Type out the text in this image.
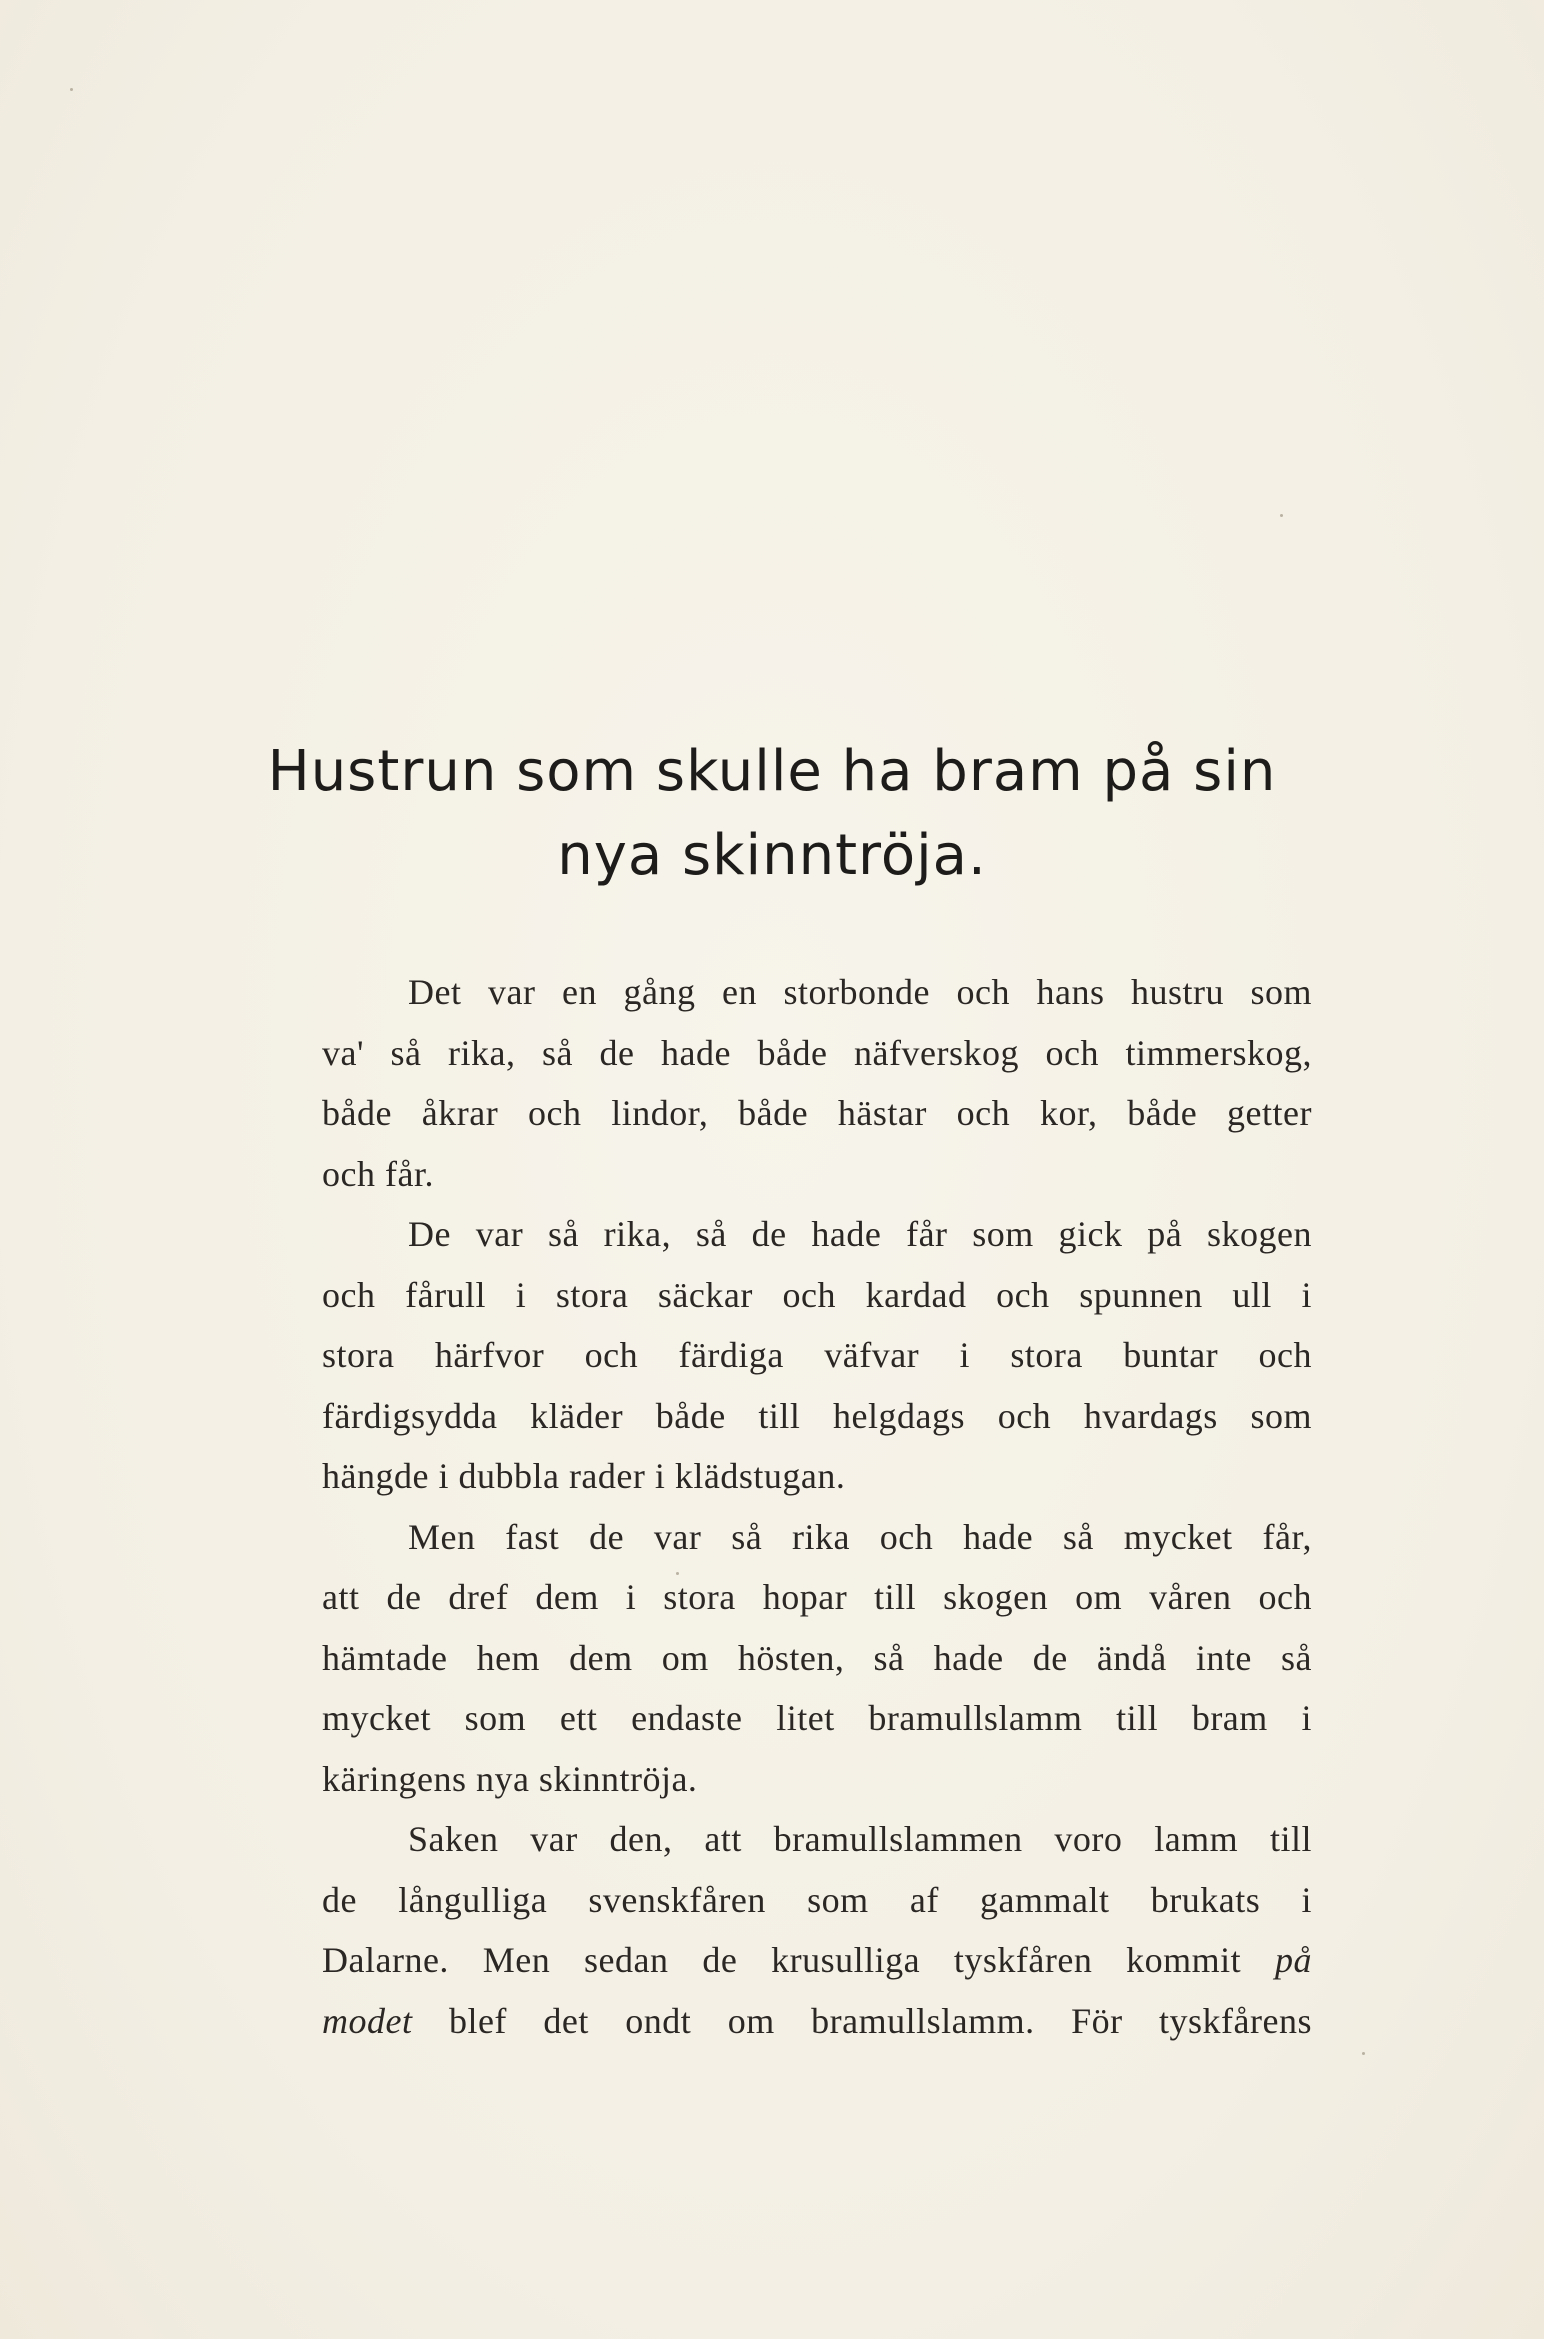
Hustrun som skulle ha bram på sin
nya skinntröja.

Det var en gång en storbonde och hans hustru som
va' så rika, så de hade både näfverskog och timmerskog,
både åkrar och lindor, både hästar och kor, både getter
och får.

De var så rika, så de hade får som gick på skogen
och fårull i stora säckar och kardad och spunnen ull i
stora härfvor och färdiga väfvar i stora buntar och
färdigsydda kläder både till helgdags och hvardags som
hängde i dubbla rader i klädstugan.

Men fast de var så rika och hade så mycket får,
att de dref dem i stora hopar till skogen om våren och
hämtade hem dem om hösten, så hade de ändå inte så
mycket som ett endaste litet bramullslamm till bram i
käringens nya skinntröja.

Saken var den, att bramullslammen voro lamm till
de långulliga svenskfåren som af gammalt brukats i
Dalarne. Men sedan de krusulliga tyskfåren kommit på
modet blef det ondt om bramullslamm. För tyskfårens
